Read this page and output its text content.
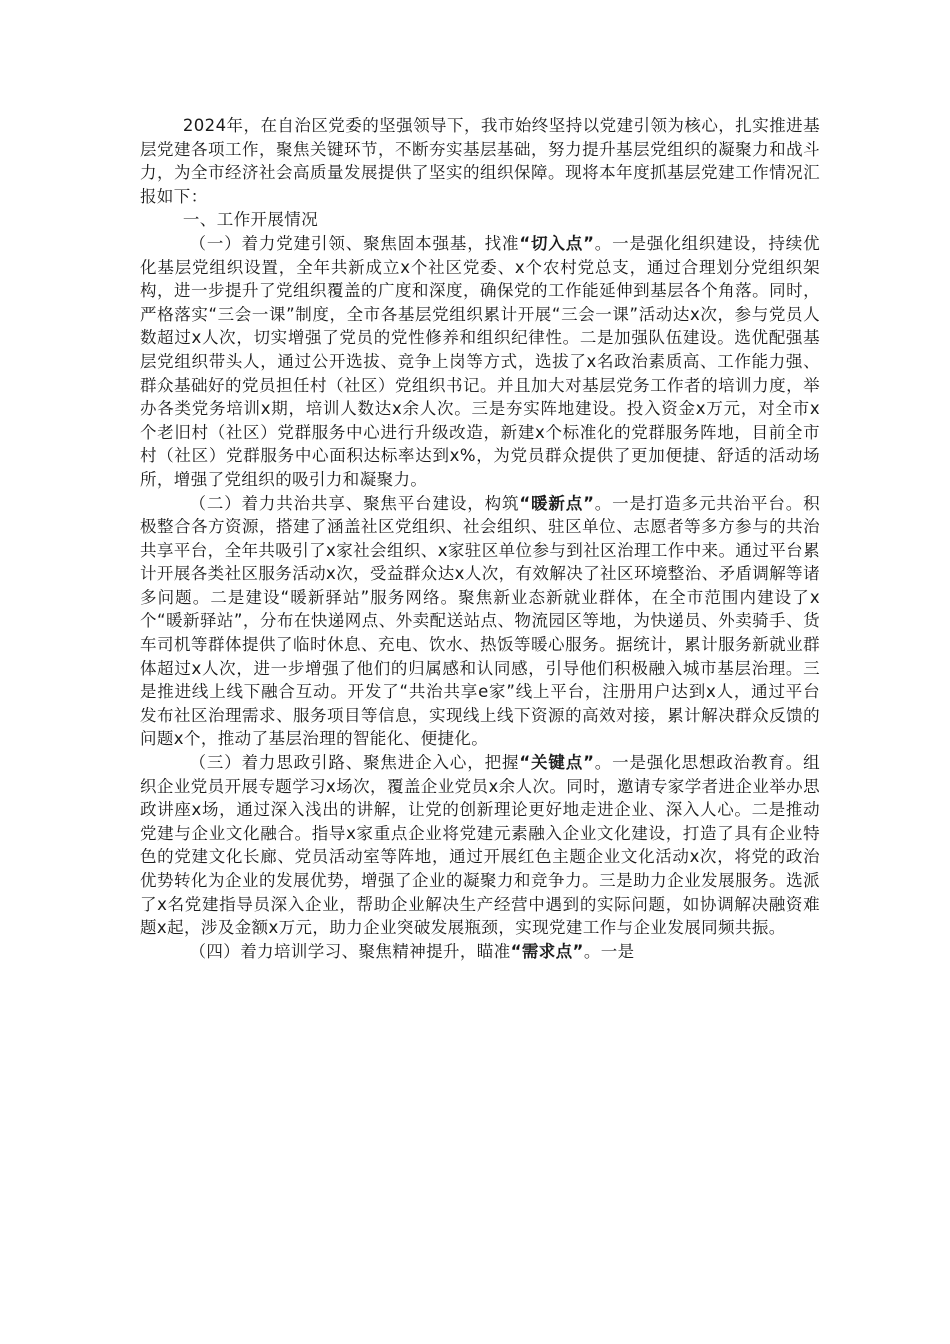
2024年，在自治区党委的坚强领导下，我市始终坚持以党建引领为核心，扎实推进基层党建各项工作，聚焦关键环节，不断夯实基层基础，努力提升基层党组织的凝聚力和战斗力，为全市经济社会高质量发展提供了坚实的组织保障。现将本年度抓基层党建工作情况汇报如下：

一、工作开展情况

（一）着力党建引领、聚焦固本强基，找准“切入点”。一是强化组织建设，持续优化基层党组织设置，全年共新成立x个社区党委、x个农村党总支，通过合理划分党组织架构，进一步提升了党组织覆盖的广度和深度，确保党的工作能延伸到基层各个角落。同时，严格落实“三会一课”制度，全市各基层党组织累计开展“三会一课”活动达x次，参与党员人数超过x人次，切实增强了党员的党性修养和组织纪律性。二是加强队伍建设。选优配强基层党组织带头人，通过公开选拔、竞争上岗等方式，选拔了x名政治素质高、工作能力强、群众基础好的党员担任村（社区）党组织书记。并且加大对基层党务工作者的培训力度，举办各类党务培训x期，培训人数达x余人次。三是夯实阵地建设。投入资金x万元，对全市x个老旧村（社区）党群服务中心进行升级改造，新建x个标准化的党群服务阵地，目前全市村（社区）党群服务中心面积达标率达到x%，为党员群众提供了更加便捷、舒适的活动场所，增强了党组织的吸引力和凝聚力。

（二）着力共治共享、聚焦平台建设，构筑“暖新点”。一是打造多元共治平台。积极整合各方资源，搭建了涵盖社区党组织、社会组织、驻区单位、志愿者等多方参与的共治共享平台，全年共吸引了x家社会组织、x家驻区单位参与到社区治理工作中来。通过平台累计开展各类社区服务活动x次，受益群众达x人次，有效解决了社区环境整治、矛盾调解等诸多问题。二是建设“暖新驿站”服务网络。聚焦新业态新就业群体，在全市范围内建设了x个“暖新驿站”，分布在快递网点、外卖配送站点、物流园区等地，为快递员、外卖骑手、货车司机等群体提供了临时休息、充电、饮水、热饭等暖心服务。据统计，累计服务新就业群体超过x人次，进一步增强了他们的归属感和认同感，引导他们积极融入城市基层治理。三是推进线上线下融合互动。开发了“共治共享e家”线上平台，注册用户达到x人，通过平台发布社区治理需求、服务项目等信息，实现线上线下资源的高效对接，累计解决群众反馈的问题x个，推动了基层治理的智能化、便捷化。

（三）着力思政引路、聚焦进企入心，把握“关键点”。一是强化思想政治教育。组织企业党员开展专题学习x场次，覆盖企业党员x余人次。同时，邀请专家学者进企业举办思政讲座x场，通过深入浅出的讲解，让党的创新理论更好地走进企业、深入人心。二是推动党建与企业文化融合。指导x家重点企业将党建元素融入企业文化建设，打造了具有企业特色的党建文化长廊、党员活动室等阵地，通过开展红色主题企业文化活动x次，将党的政治优势转化为企业的发展优势，增强了企业的凝聚力和竞争力。三是助力企业发展服务。选派了x名党建指导员深入企业，帮助企业解决生产经营中遇到的实际问题，如协调解决融资难题x起，涉及金额x万元，助力企业突破发展瓶颈，实现党建工作与企业发展同频共振。

（四）着力培训学习、聚焦精神提升，瞄准“需求点”。一是
